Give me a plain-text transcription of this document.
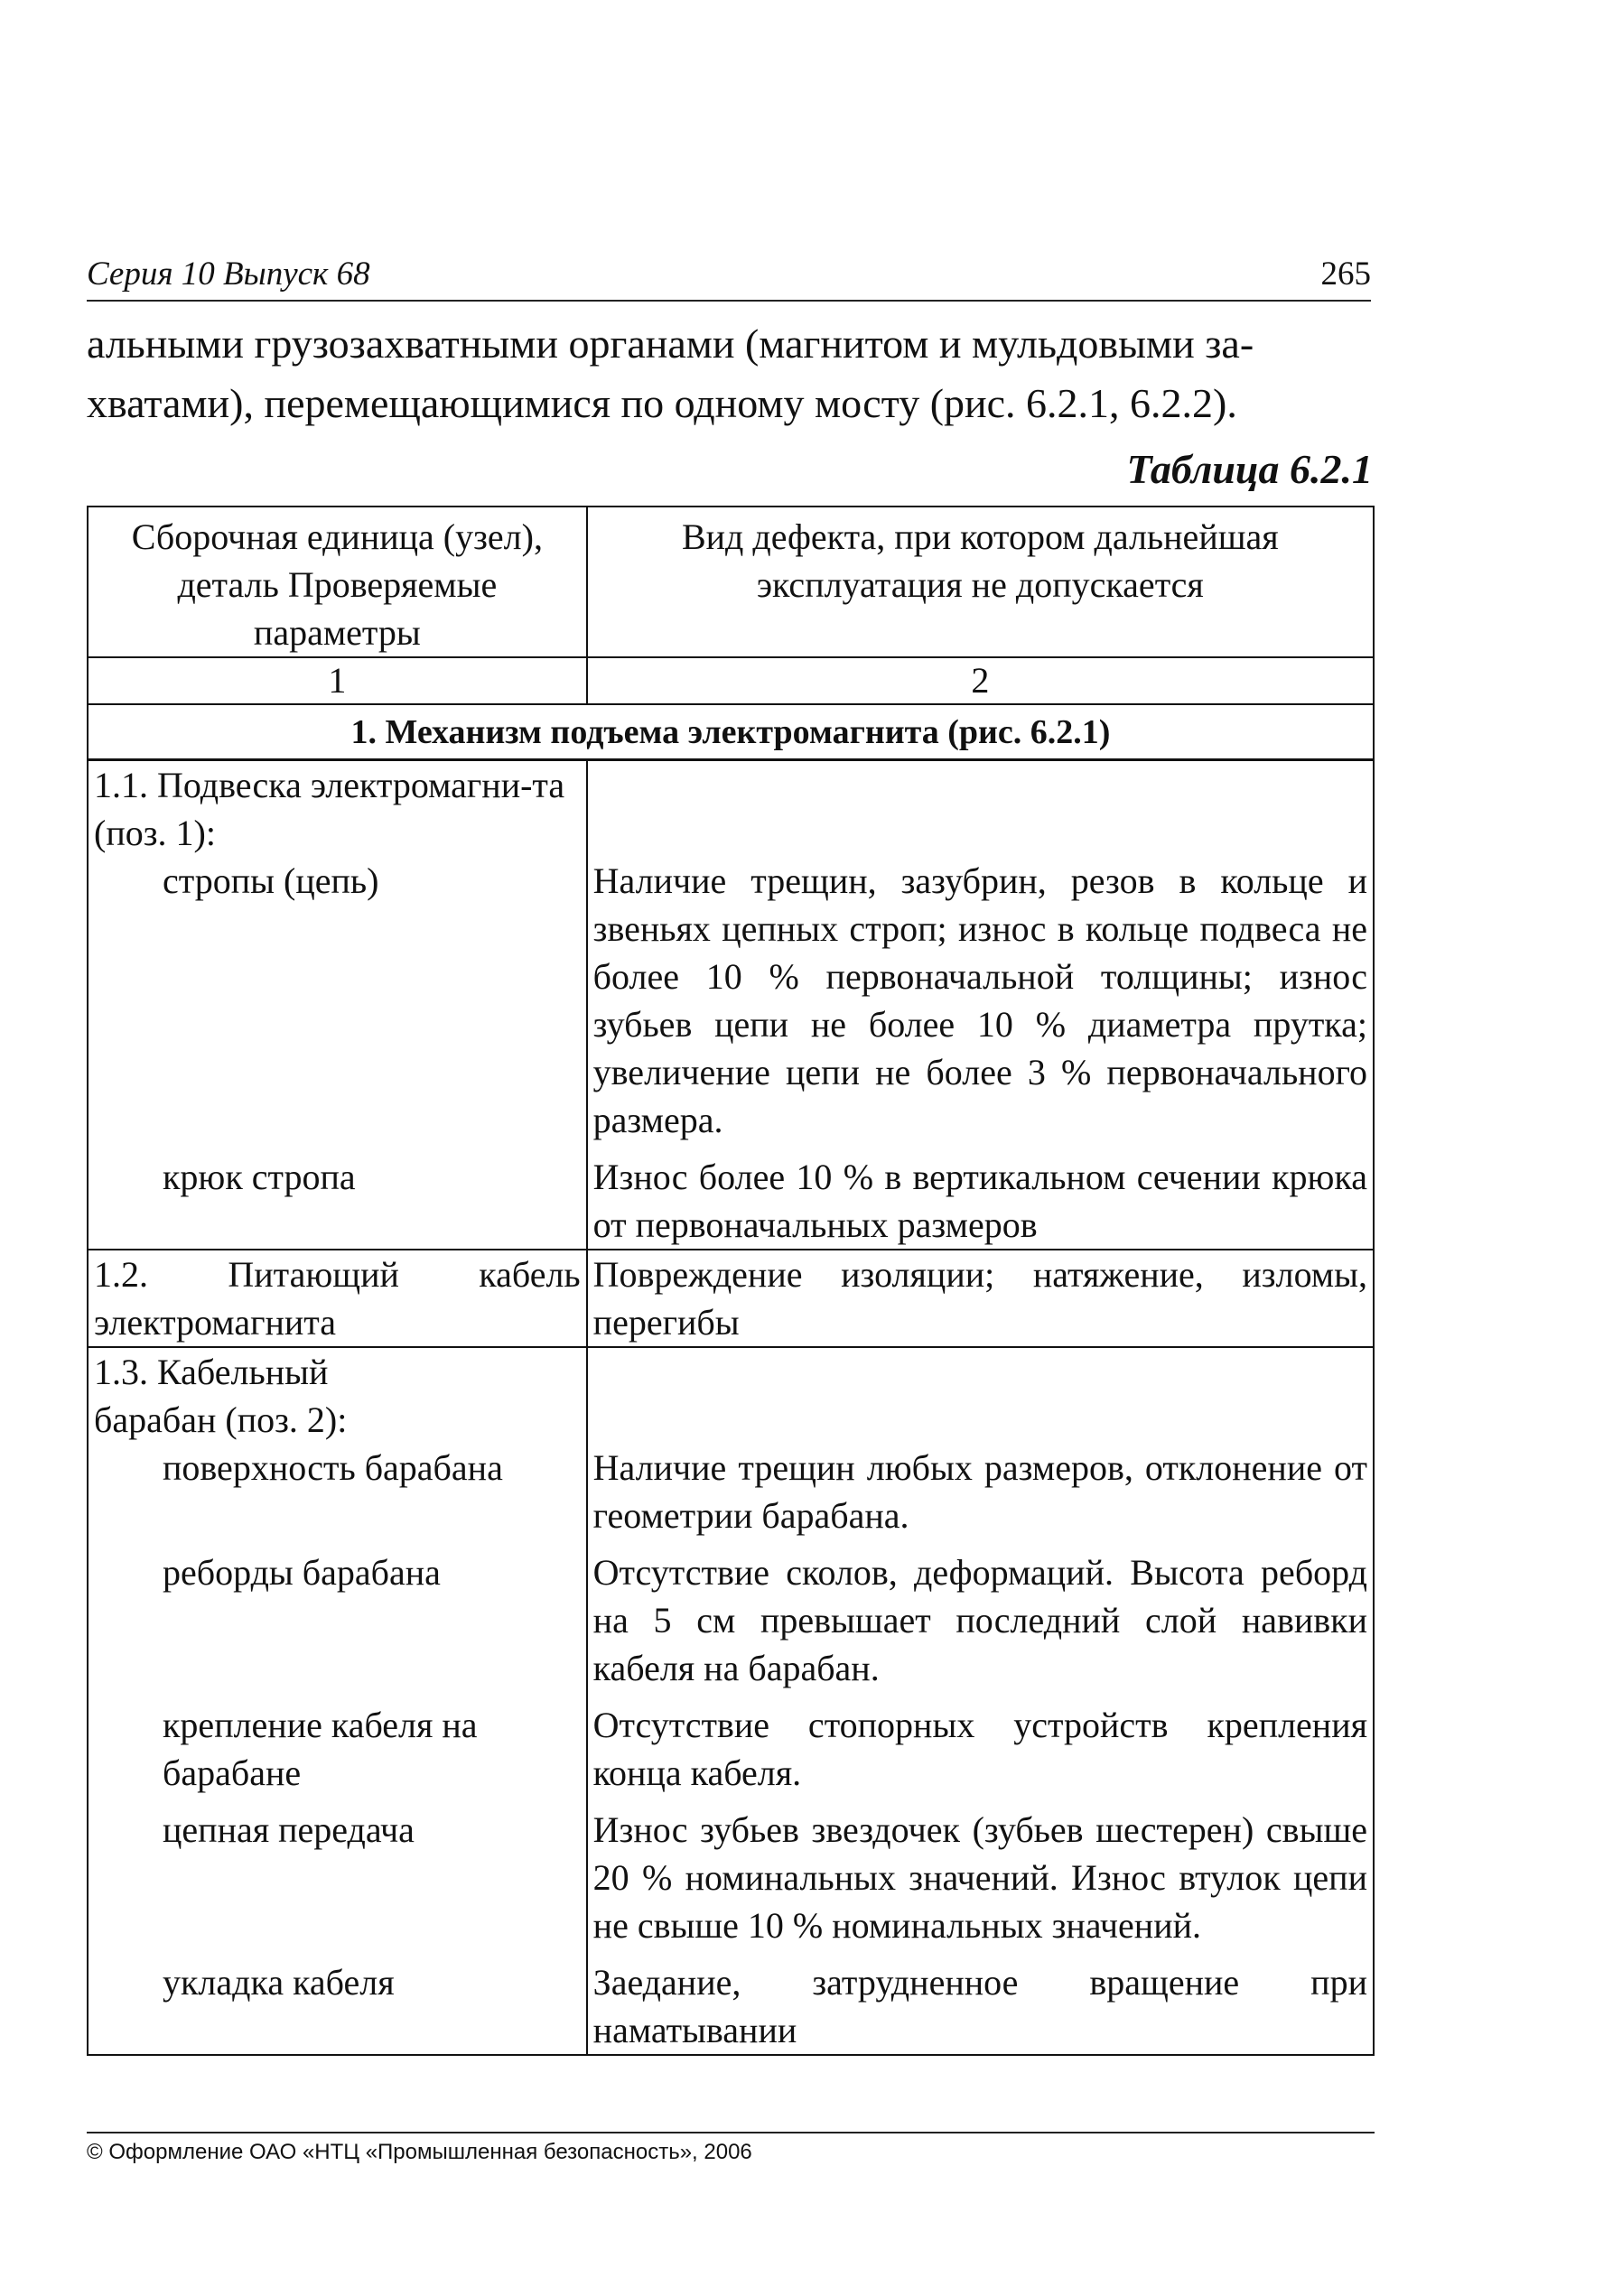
Серия 10 Выпуск 68	265
альными грузозахватными органами (магнитом и мульдовыми за-
хватами), перемещающимися по одному мосту (рис. 6.2.1, 6.2.2).
Таблица 6.2.1
Сборочная единица (узел), деталь Проверяемые параметры	Вид дефекта, при котором дальнейшая эксплуатация не допускается
1	2
1. Механизм подъема электромагнита (рис. 6.2.1)	
1.1. Подвеска электромагни-та (поз. 1):	
стропы (цепь)	Наличие трещин, зазубрин, резов в кольце и звеньях цепных строп; износ в кольце подвеса не более 10 % первоначальной толщины; износ зубьев цепи не более 10 % диаметра прутка; увеличение цепи не более 3 % первоначального размера.

крюк стропа	Износ более 10 % в вертикальном сечении крюка от первоначальных размеров
1.2. Питающий кабель электромагнита	Повреждение изоляции; натяжение, изломы, перегибы
1.3. Кабельный барабан (поз. 2):	
поверхность барабана	Наличие трещин любых размеров, отклонение от геометрии барабана.

реборды барабана	Отсутствие сколов, деформаций. Высота реборд на 5 см превышает последний слой навивки кабеля на барабан.

крепление кабеля на барабане	Отсутствие стопорных устройств крепления конца кабеля.

цепная передача	Износ зубьев звездочек (зубьев шестерен) свыше 20 % номинальных значений. Износ втулок цепи не свыше 10 % номинальных значений.

укладка кабеля	Заедание, затрудненное вращение при наматывании
© Оформление ОАО «НТЦ «Промышленная безопасность», 2006
